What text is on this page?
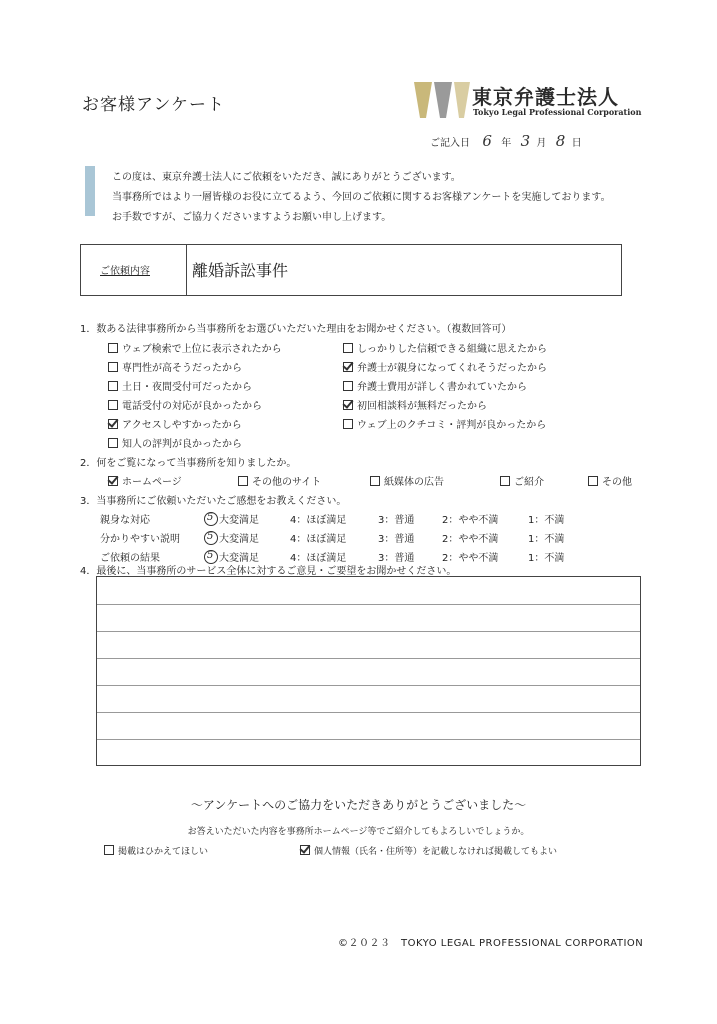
お客様アンケート	東京弁護士法人
Tokyo Legal Professional Corporation
ご記入日 6 年 3 月 8 日
この度は、東京弁護士法人にご依頼をいただき、誠にありがとうございます。
当事務所ではより一層皆様のお役に立てるよう、今回のご依頼に関するお客様アンケートを実施しております。
お手数ですが、ご協力くださいますようお願い申し上げます。
ご依頼内容	離婚訴訟事件
1．数ある法律事務所から当事務所をお選びいただいた理由をお聞かせください。（複数回答可）
ウェブ検索で上位に表示されたから	しっかりした信頼できる組織に思えたから
専門性が高そうだったから	弁護士が親身になってくれそうだったから
土日・夜間受付可だったから	弁護士費用が詳しく書かれていたから
電話受付の対応が良かったから	初回相談料が無料だったから
アクセスしやすかったから	ウェブ上のクチコミ・評判が良かったから
知人の評判が良かったから
2．何をご覧になって当事務所を知りましたか。
ホームページ	その他のサイト	紙媒体の広告	ご紹介	その他
3．当事務所にご依頼いただいたご感想をお教えください。
親身な対応 5	大変満足	4：ほぼ満足	3：普通	2：やや不満	1：不満
分かりやすい説明 5	大変満足	4：ほぼ満足	3：普通	2：やや不満	1：不満
ご依頼の結果 5	大変満足	4：ほぼ満足	3：普通	2：やや不満	1：不満
4．最後に、当事務所のサービス全体に対するご意見・ご要望をお聞かせください。
～アンケートへのご協力をいただきありがとうございました～
お答えいただいた内容を事務所ホームページ等でご紹介してもよろしいでしょうか。
掲載はひかえてほしい	個人情報（氏名・住所等）を記載しなければ掲載してもよい
©２０２３　TOKYO LEGAL PROFESSIONAL CORPORATION
